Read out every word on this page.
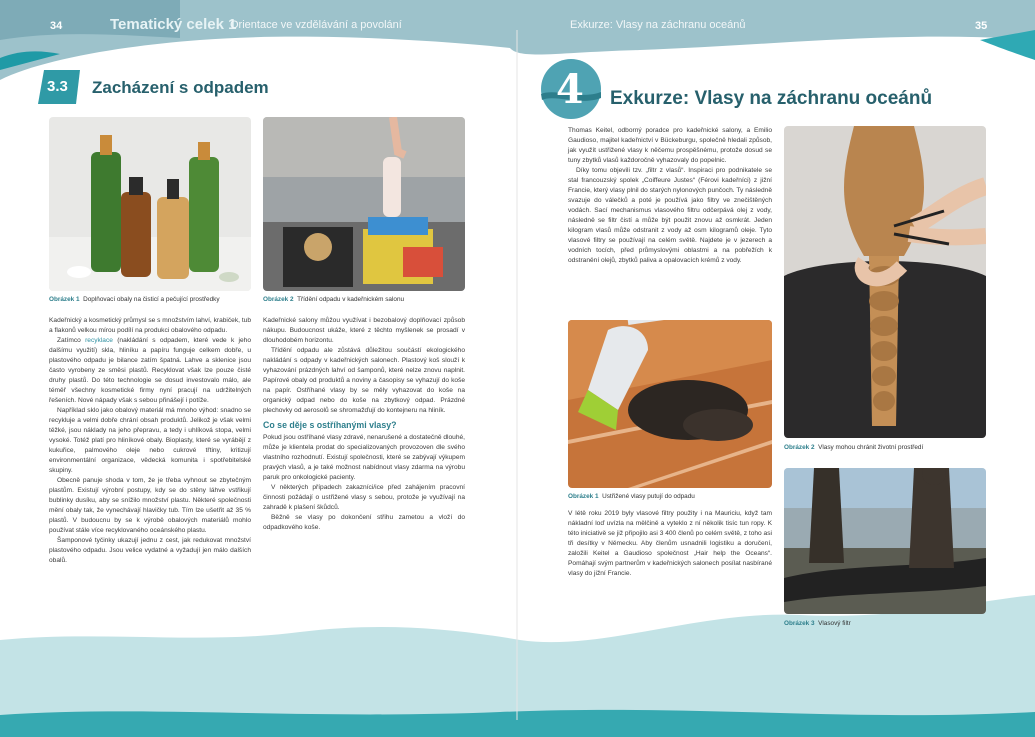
34	Tematický celek 1
Orientace ve vzdělávání a povolání	Exkurze: Vlasy na záchranu oceánů	35
3.3 Zacházení s odpadem	4 Exkurze: Vlasy na záchranu oceánů
Obrázek 1 Doplňovací obaly na čisticí a pečující prostředky	Obrázek 2 Třídění odpadu v kadeřnickém salonu

Kadeřnický a kosmetický průmysl se s množstvím lahví, krabiček, tub a flakonů velkou mírou podílí na produkci obalového odpadu.

Zatímco recyklace (nakládání s odpadem, které vede k jeho dalšímu využití) skla, hliníku a papíru funguje celkem dobře, u plastového odpadu je bilance zatím špatná. Lahve a sklenice jsou často vyrobeny ze směsi plastů. Recyklovat však lze pouze čisté druhy plastů. Do této technologie se dosud investovalo málo, ale téměř všechny kosmetické firmy nyní pracují na udržitelných řešeních. Nové nápady však s sebou přinášejí i potíže.

Například sklo jako obalový materiál má mnoho výhod: snadno se recykluje a velmi dobře chrání obsah produktů. Jelikož je však velmi těžké, jsou náklady na jeho přepravu, a tedy i uhlíková stopa, velmi vysoké. Totéž platí pro hliníkové obaly. Bioplasty, které se vyrábějí z kukuřice, palmového oleje nebo cukrové třtiny, kritizují environmentální organizace, vědecká komunita i spotřebitelské skupiny.

Obecně panuje shoda v tom, že je třeba vyhnout se zbytečným plastům. Existují výrobní postupy, kdy se do stěny láhve vstřikují bublinky dusíku, aby se snížilo množství plastu. Některé společnosti mění obaly tak, že vynechávají hlavičky tub. Tím lze ušetřit až 35 % plastů. V budoucnu by se k výrobě obalových materiálů mohlo používat stále více recyklovaného oceánského plastu.

Šamponové tyčinky ukazují jednu z cest, jak redukovat množství plastového odpadu. Jsou velice vydatné a vyžadují jen málo dalších obalů.

Kadeřnické salony můžou využívat i bezobalový doplňovací způsob nákupu. Budoucnost ukáže, které z těchto myšlenek se prosadí v dlouhodobém horizontu.

Třídění odpadu ale zůstává důležitou součástí ekologického nakládání s odpady v kadeřnických salonech. Plastový koš slouží k vyhazování prázdných lahví od šamponů, které nelze znovu naplnit. Papírové obaly od produktů a noviny a časopisy se vyhazují do koše na papír. Ostříhané vlasy by se měly vyhazovat do koše na organický odpad nebo do koše na zbytkový odpad. Prázdné plechovky od aerosolů se shromažďují do kontejneru na hliník.

Co se děje s ostříhanými vlasy?

Pokud jsou ostříhané vlasy zdravé, nenarušené a dostatečně dlouhé, může je klientela prodat do specializovaných provozoven dle svého vlastního rozhodnutí. Existují společnosti, které se zabývají výkupem pravých vlasů, a je také možnost nabídnout vlasy zdarma na výrobu paruk pro onkologické pacienty.

V některých případech zakazníci/ice před zahájením pracovní činnosti požádají o ustřižené vlasy s sebou, protože je využívají na zahradě k plašení škůdců.

Běžně se vlasy po dokončení střihu zametou a vloží do odpadkového koše.

Thomas Keitel, odborný poradce pro kadeřnické salony, a Emilio Gaudioso, majitel kadeřnictví v Bückeburgu, společně hledali způsob, jak využít ustřižené vlasy k něčemu prospěšnému, protože dosud se tuny zbytků vlasů každoročně vyhazovaly do popelnic.

Díky tomu objevili tzv. „filtr z vlasů“. Inspiraci pro podnikatele se stal francouzský spolek „Coiffeure Justes“ (Férovi kadeřníci) z jižní Francie, který vlasy plnil do starých nylonových punčoch. Ty následně svazuje do válečků a poté je používá jako filtry ve znečištěných vodách. Sací mechanismus vlasového filtru odčerpává olej z vody, následně se filtr čistí a může být použit znovu až osmkrát. Jeden kilogram vlasů může odstranit z vody až osm kilogramů oleje. Tyto vlasové filtry se používají na celém světě. Najdete je v jezerech a vodních tocích, před průmyslovými oblastmi a na pobřežích k odstranění olejů, zbytků paliva a opalovacích krémů z vody.

Obrázek 1 Ustřižené vlasy putují do odpadu

V létě roku 2019 byly vlasové filtry použity i na Mauriciu, když tam nákladní loď uvízla na mělčině a vyteklo z ní několik tisíc tun ropy. K této iniciativě se již připojilo asi 3 400 členů po celém světě, z toho asi tři desítky v Německu. Aby členům usnadnili logistiku a doručení, založili Keitel a Gaudioso společnost „Hair help the Oceans“. Pomáhají svým partnerům v kadeřnických salonech posílat nasbírané vlasy do jižní Francie.

Obrázek 2 Vlasy mohou chránit životní prostředí
Obrázek 3 Vlasový filtr
